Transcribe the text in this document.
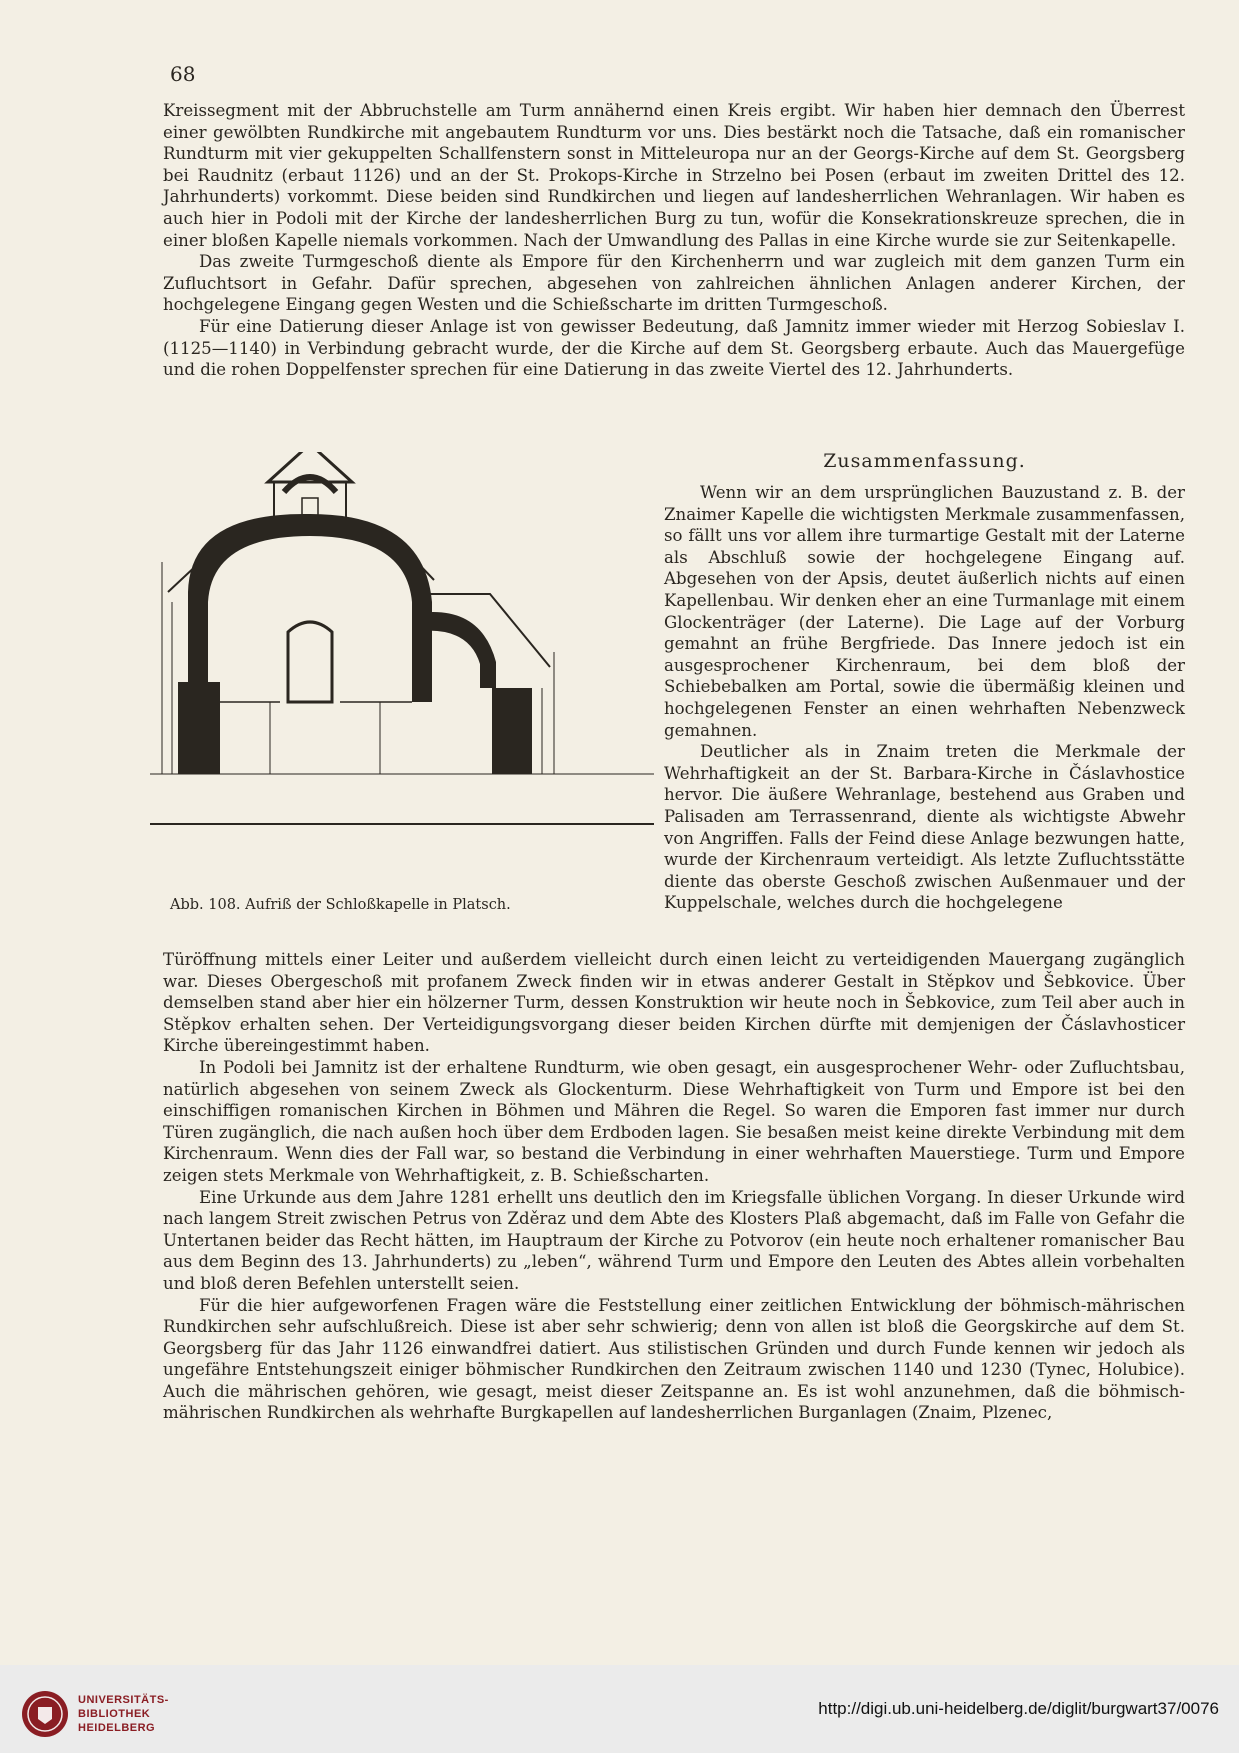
68

Kreissegment mit der Abbruchstelle am Turm annähernd einen Kreis ergibt. Wir haben hier demnach den Überrest einer gewölbten Rundkirche mit angebautem Rundturm vor uns. Dies bestärkt noch die Tatsache, daß ein romanischer Rundturm mit vier gekuppelten Schallfenstern sonst in Mitteleuropa nur an der Georgs-Kirche auf dem St. Georgsberg bei Raudnitz (erbaut 1126) und an der St. Prokops-Kirche in Strzelno bei Posen (erbaut im zweiten Drittel des 12. Jahrhunderts) vorkommt. Diese beiden sind Rundkirchen und liegen auf landesherrlichen Wehranlagen. Wir haben es auch hier in Podoli mit der Kirche der landesherrlichen Burg zu tun, wofür die Konsekrationskreuze sprechen, die in einer bloßen Kapelle niemals vorkommen. Nach der Umwandlung des Pallas in eine Kirche wurde sie zur Seitenkapelle.

Das zweite Turmgeschoß diente als Empore für den Kirchenherrn und war zugleich mit dem ganzen Turm ein Zufluchtsort in Gefahr. Dafür sprechen, abgesehen von zahlreichen ähnlichen Anlagen anderer Kirchen, der hochgelegene Eingang gegen Westen und die Schießscharte im dritten Turmgeschoß.

Für eine Datierung dieser Anlage ist von gewisser Bedeutung, daß Jamnitz immer wieder mit Herzog Sobieslav I. (1125—1140) in Verbindung gebracht wurde, der die Kirche auf dem St. Georgsberg erbaute. Auch das Mauergefüge und die rohen Doppelfenster sprechen für eine Datierung in das zweite Viertel des 12. Jahrhunderts.

Abb. 108. Aufriß der Schloßkapelle in Platsch.
Zusammenfassung.

Wenn wir an dem ursprünglichen Bauzustand z. B. der Znaimer Kapelle die wichtigsten Merkmale zusammenfassen, so fällt uns vor allem ihre turmartige Gestalt mit der Laterne als Abschluß sowie der hochgelegene Eingang auf. Abgesehen von der Apsis, deutet äußerlich nichts auf einen Kapellenbau. Wir denken eher an eine Turmanlage mit einem Glockenträger (der Laterne). Die Lage auf der Vorburg gemahnt an frühe Bergfriede. Das Innere jedoch ist ein ausgesprochener Kirchenraum, bei dem bloß der Schiebebalken am Portal, sowie die übermäßig kleinen und hochgelegenen Fenster an einen wehrhaften Nebenzweck gemahnen.

Deutlicher als in Znaim treten die Merkmale der Wehrhaftigkeit an der St. Barbara-Kirche in Čáslavhostice hervor. Die äußere Wehranlage, bestehend aus Graben und Palisaden am Terrassenrand, diente als wichtigste Abwehr von Angriffen. Falls der Feind diese Anlage bezwungen hatte, wurde der Kirchenraum verteidigt. Als letzte Zufluchtsstätte diente das oberste Geschoß zwischen Außenmauer und der Kuppelschale, welches durch die hochgelegene

Türöffnung mittels einer Leiter und außerdem vielleicht durch einen leicht zu verteidigenden Mauergang zugänglich war. Dieses Obergeschoß mit profanem Zweck finden wir in etwas anderer Gestalt in Stěpkov und Šebkovice. Über demselben stand aber hier ein hölzerner Turm, dessen Konstruktion wir heute noch in Šebkovice, zum Teil aber auch in Stěpkov erhalten sehen. Der Verteidigungsvorgang dieser beiden Kirchen dürfte mit demjenigen der Čáslavhosticer Kirche übereingestimmt haben.

In Podoli bei Jamnitz ist der erhaltene Rundturm, wie oben gesagt, ein ausgesprochener Wehr- oder Zufluchtsbau, natürlich abgesehen von seinem Zweck als Glockenturm. Diese Wehrhaftigkeit von Turm und Empore ist bei den einschiffigen romanischen Kirchen in Böhmen und Mähren die Regel. So waren die Emporen fast immer nur durch Türen zugänglich, die nach außen hoch über dem Erdboden lagen. Sie besaßen meist keine direkte Verbindung mit dem Kirchenraum. Wenn dies der Fall war, so bestand die Verbindung in einer wehrhaften Mauerstiege. Turm und Empore zeigen stets Merkmale von Wehrhaftigkeit, z. B. Schießscharten.

Eine Urkunde aus dem Jahre 1281 erhellt uns deutlich den im Kriegsfalle üblichen Vorgang. In dieser Urkunde wird nach langem Streit zwischen Petrus von Zděraz und dem Abte des Klosters Plaß abgemacht, daß im Falle von Gefahr die Untertanen beider das Recht hätten, im Hauptraum der Kirche zu Potvorov (ein heute noch erhaltener romanischer Bau aus dem Beginn des 13. Jahrhunderts) zu „leben“, während Turm und Empore den Leuten des Abtes allein vorbehalten und bloß deren Befehlen unterstellt seien.

Für die hier aufgeworfenen Fragen wäre die Feststellung einer zeitlichen Entwicklung der böhmisch-mährischen Rundkirchen sehr aufschlußreich. Diese ist aber sehr schwierig; denn von allen ist bloß die Georgskirche auf dem St. Georgsberg für das Jahr 1126 einwandfrei datiert. Aus stilistischen Gründen und durch Funde kennen wir jedoch als ungefähre Entstehungszeit einiger böhmischer Rundkirchen den Zeitraum zwischen 1140 und 1230 (Tynec, Holubice). Auch die mährischen gehören, wie gesagt, meist dieser Zeitspanne an. Es ist wohl anzunehmen, daß die böhmisch-mährischen Rundkirchen als wehrhafte Burgkapellen auf landesherrlichen Burganlagen (Znaim, Plzenec,

UNIVERSITÄTS-
BIBLIOTHEK
HEIDELBERG
http://digi.ub.uni-heidelberg.de/diglit/burgwart37/0076
